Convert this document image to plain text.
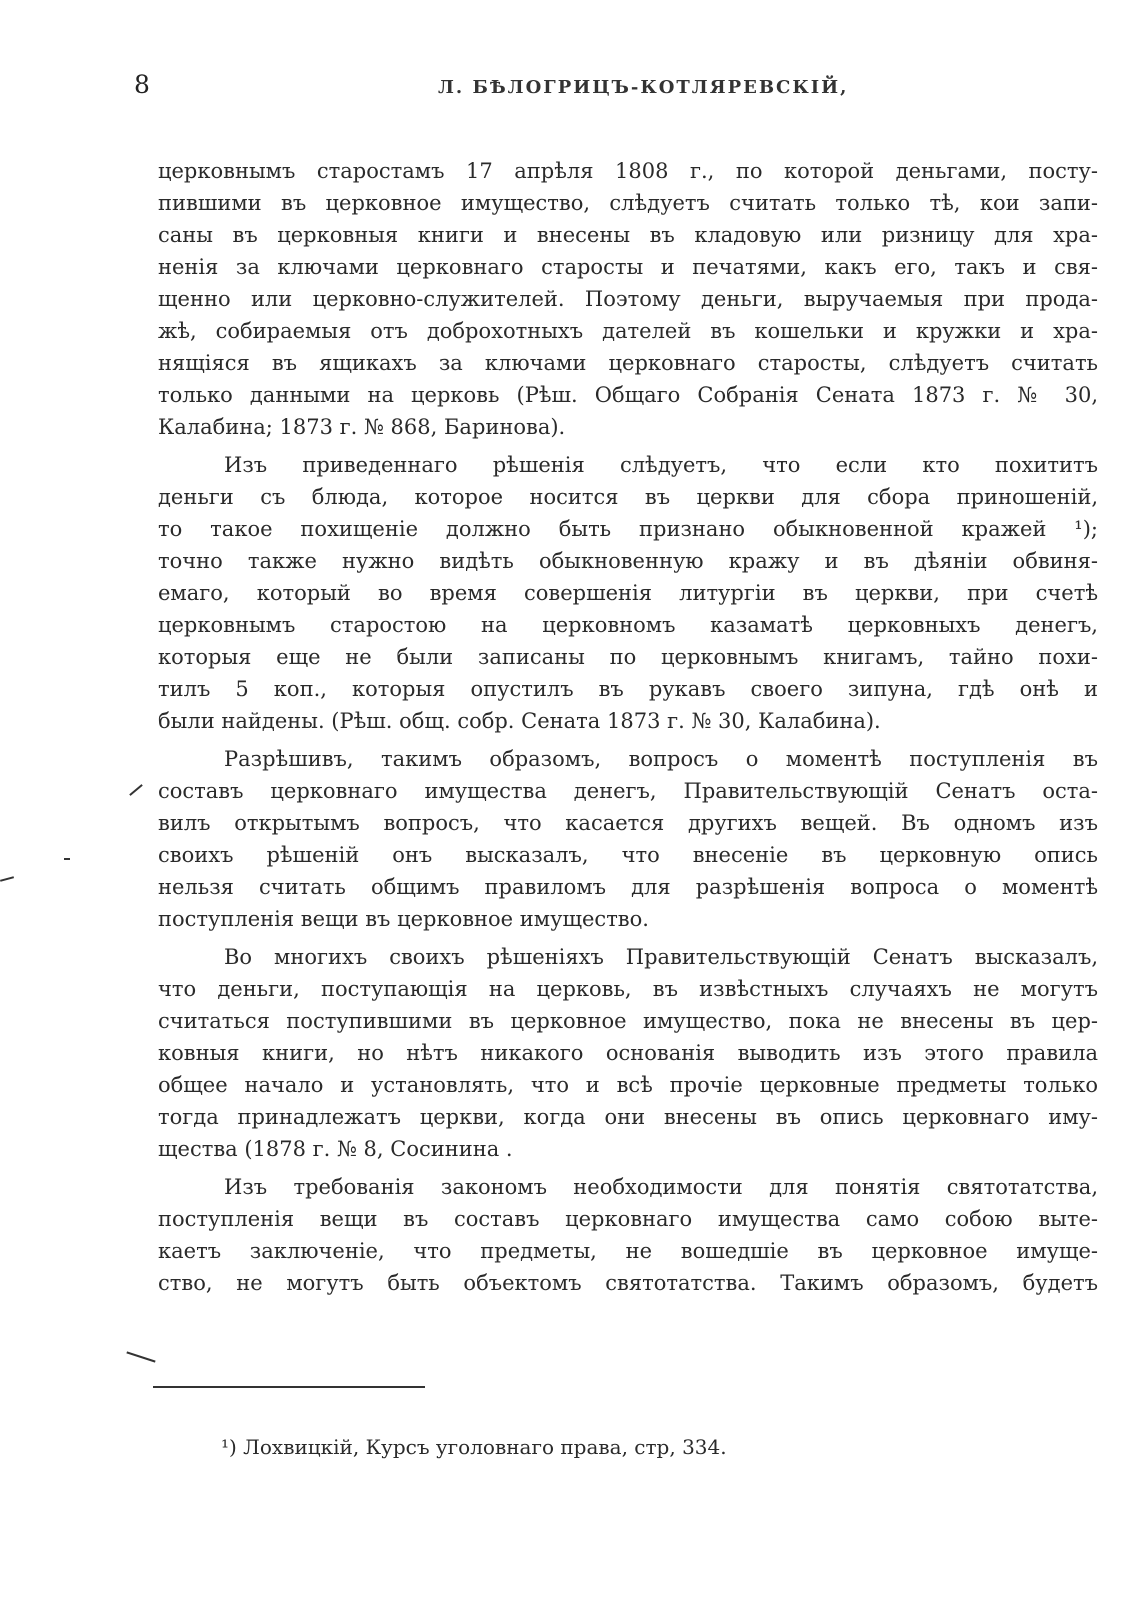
8	Л. БѢЛОГРИЦЪ-КОТЛЯРЕВСКІЙ,
церковнымъ старостамъ 17 апрѣля 1808 г., по которой деньгами, посту-
пившими въ церковное имущество, слѣдуетъ считать только тѣ, кои запи-
саны въ церковныя книги и внесены въ кладовую или ризницу для хра-
ненія за ключами церковнаго старосты и печатями, какъ его, такъ и свя-
щенно или церковно-служителей. Поэтому деньги, выручаемыя при прода-
жѣ, собираемыя отъ доброхотныхъ дателей въ кошельки и кружки и хра-
нящіяся въ ящикахъ за ключами церковнаго старосты, слѣдуетъ считать
только данными на церковь (Рѣш. Общаго Собранія Сената 1873 г. № 30,
Калабина; 1873 г. № 868, Баринова).
Изъ приведеннаго рѣшенія слѣдуетъ, что если кто похититъ
деньги съ блюда, которое носится въ церкви для сбора приношеній,
то такое похищеніе должно быть признано обыкновенной кражей ¹);
точно также нужно видѣть обыкновенную кражу и въ дѣяніи обвиня-
емаго, который во время совершенія литургіи въ церкви, при счетѣ
церковнымъ старостою на церковномъ казаматѣ церковныхъ денегъ,
которыя еще не были записаны по церковнымъ книгамъ, тайно похи-
тилъ 5 коп., которыя опустилъ въ рукавъ своего зипуна, гдѣ онѣ и
были найдены. (Рѣш. общ. собр. Сената 1873 г. № 30, Калабина).
Разрѣшивъ, такимъ образомъ, вопросъ о моментѣ поступленія въ
составъ церковнаго имущества денегъ, Правительствующій Сенатъ оста-
вилъ открытымъ вопросъ, что касается другихъ вещей. Въ одномъ изъ
своихъ рѣшеній онъ высказалъ, что внесеніе въ церковную опись
нельзя считать общимъ правиломъ для разрѣшенія вопроса о моментѣ
поступленія вещи въ церковное имущество.
Во многихъ своихъ рѣшеніяхъ Правительствующій Сенатъ высказалъ,
что деньги, поступающія на церковь, въ извѣстныхъ случаяхъ не могутъ
считаться поступившими въ церковное имущество, пока не внесены въ цер-
ковныя книги, но нѣтъ никакого основанія выводить изъ этого правила
общее начало и установлять, что и всѣ прочіе церковные предметы только
тогда принадлежатъ церкви, когда они внесены въ опись церковнаго иму-
щества (1878 г. № 8, Сосинина .
Изъ требованія закономъ необходимости для понятія святотатства,
поступленія вещи въ составъ церковнаго имущества само собою выте-
каетъ заключеніе, что предметы, не вошедшіе въ церковное имуще-
ство, не могутъ быть объектомъ святотатства. Такимъ образомъ, будетъ
¹) Лохвицкій, Курсъ уголовнаго права, стр, 334.
